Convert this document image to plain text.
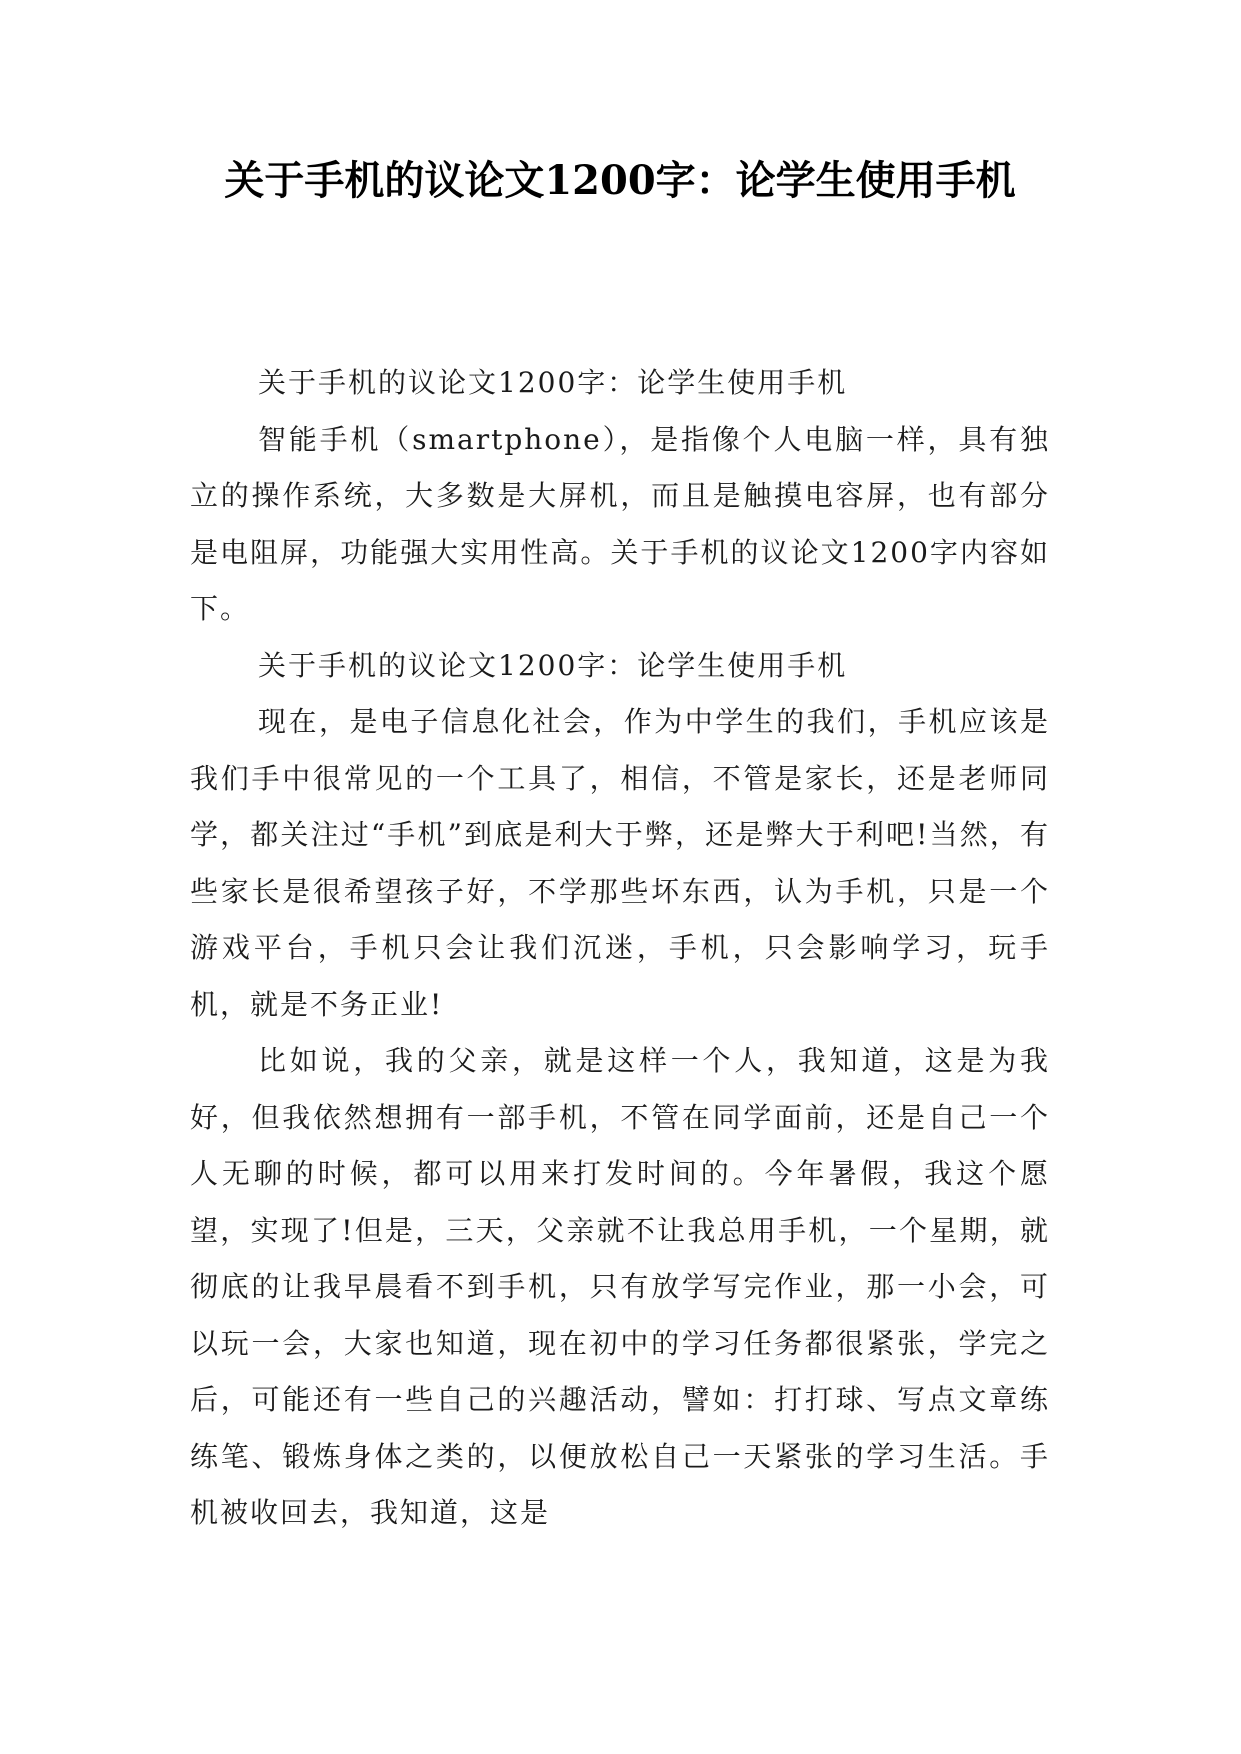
关于手机的议论文1200字：论学生使用手机

关于手机的议论文1200字：论学生使用手机

智能手机（smartphone），是指像个人电脑一样，具有独立的操作系统，大多数是大屏机，而且是触摸电容屏，也有部分是电阻屏，功能强大实用性高。关于手机的议论文1200字内容如下。

关于手机的议论文1200字：论学生使用手机

现在，是电子信息化社会，作为中学生的我们，手机应该是我们手中很常见的一个工具了，相信，不管是家长，还是老师同学，都关注过“手机”到底是利大于弊，还是弊大于利吧!当然，有些家长是很希望孩子好，不学那些坏东西，认为手机，只是一个游戏平台，手机只会让我们沉迷，手机，只会影响学习，玩手机，就是不务正业!

比如说，我的父亲，就是这样一个人，我知道，这是为我好，但我依然想拥有一部手机，不管在同学面前，还是自己一个人无聊的时候，都可以用来打发时间的。今年暑假，我这个愿望，实现了!但是，三天，父亲就不让我总用手机，一个星期，就彻底的让我早晨看不到手机，只有放学写完作业，那一小会，可以玩一会，大家也知道，现在初中的学习任务都很紧张，学完之后，可能还有一些自己的兴趣活动，譬如：打打球、写点文章练练笔、锻炼身体之类的，以便放松自己一天紧张的学习生活。手机被收回去，我知道，这是
